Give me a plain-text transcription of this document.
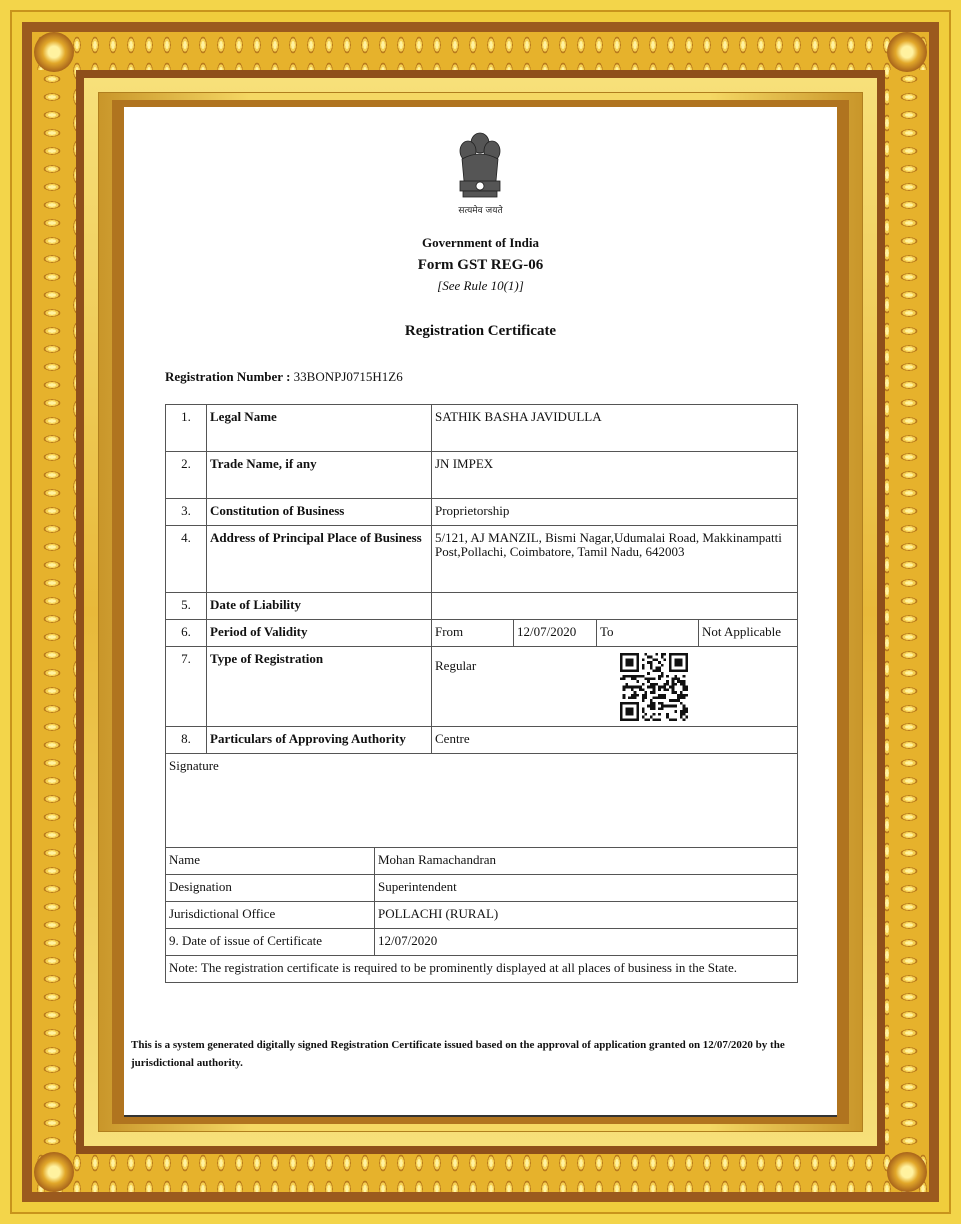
सत्यमेव जयते
Government of India
Form GST REG-06
[See Rule 10(1)]
Registration Certificate
Registration Number : 33BONPJ0715H1Z6
1.	Legal Name	SATHIK BASHA JAVIDULLA			
2.	Trade Name, if any	JN IMPEX			
3.	Constitution of Business	Proprietorship			
4.	Address of Principal Place of Business	5/121, AJ MANZIL, Bismi Nagar,Udumalai Road, Makkinampatti Post,Pollachi, Coimbatore, Tamil Nadu, 642003			
5.	Date of Liability				
6.	Period of Validity	From	12/07/2020	To	Not Applicable
7.	Type of Registration	Regular			
8.	Particulars of Approving Authority	Centre			
Signature	
Name	Mohan Ramachandran
Designation	Superintendent
Jurisdictional Office	POLLACHI (RURAL)
9. Date of issue of Certificate	12/07/2020
Note: The registration certificate is required to be prominently displayed at all places of business in the State.	
This is a system generated digitally signed Registration Certificate issued based on the approval of application granted on 12/07/2020 by the jurisdictional authority.
